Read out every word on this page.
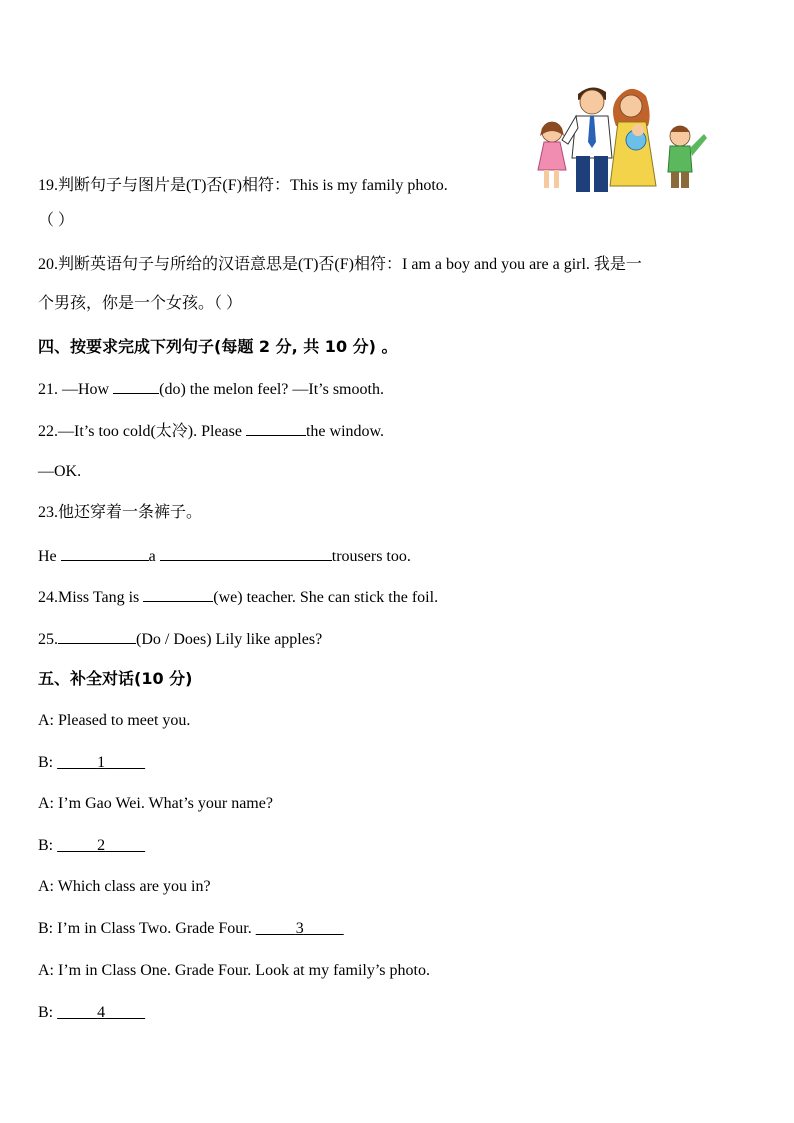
19.判断句子与图片是(T)否(F)相符：This is my family photo.
（ ）
20.判断英语句子与所给的汉语意思是(T)否(F)相符：I am a boy and you are a girl. 我是一
个男孩，你是一个女孩。（ ）
四、按要求完成下列句子(每题 2 分, 共 10 分) 。
21. —How	(do) the melon feel? —It’s smooth.
22.—It’s too cold(太冷). Please	the window.
—OK.
23.他还穿着一条裤子。
He	a	trousers too.
24.Miss Tang is	(we) teacher. She can stick the foil.
25.	(Do / Does) Lily like apples?
五、补全对话(10 分)
A: Pleased to meet you.
B:	1
A: I’m Gao Wei. What’s your name?
B:	2
A: Which class are you in?
B: I’m in Class Two. Grade Four.	3
A: I’m in Class One. Grade Four. Look at my family’s photo.
B:	4
